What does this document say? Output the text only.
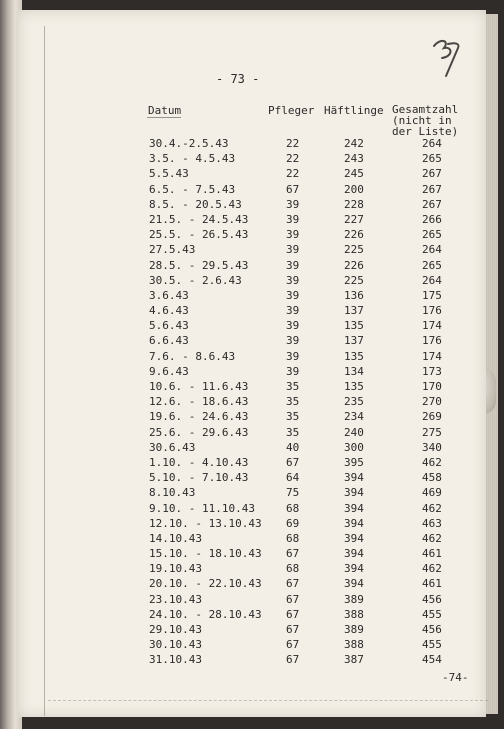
- 73 -
Datum	Pfleger Häftlinge Gesamtzahl
(nicht in
der Liste)
30.4.-2.5.43	22	242	264
3.5. - 4.5.43	22	243	265
5.5.43	22	245	267
6.5. - 7.5.43	67	200	267
8.5. - 20.5.43	39	228	267
21.5. - 24.5.43	39	227	266
25.5. - 26.5.43	39	226	265
27.5.43	39	225	264
28.5. - 29.5.43	39	226	265
30.5. - 2.6.43	39	225	264
3.6.43	39	136	175
4.6.43	39	137	176
5.6.43	39	135	174
6.6.43	39	137	176
7.6. - 8.6.43	39	135	174
9.6.43	39	134	173
10.6. - 11.6.43	35	135	170
12.6. - 18.6.43	35	235	270
19.6. - 24.6.43	35	234	269
25.6. - 29.6.43	35	240	275
30.6.43	40	300	340
1.10. - 4.10.43	67	395	462
5.10. - 7.10.43	64	394	458
8.10.43	75	394	469
9.10. - 11.10.43	68	394	462
12.10. - 13.10.43 69	394	463
14.10.43	68	394	462
15.10. - 18.10.43 67	394	461
19.10.43	68	394	462
20.10. - 22.10.43 67	394	461
23.10.43	67	389	456
24.10. - 28.10.43 67	388	455
29.10.43	67	389	456
30.10.43	67	388	455
31.10.43	67	387	454
-74-
